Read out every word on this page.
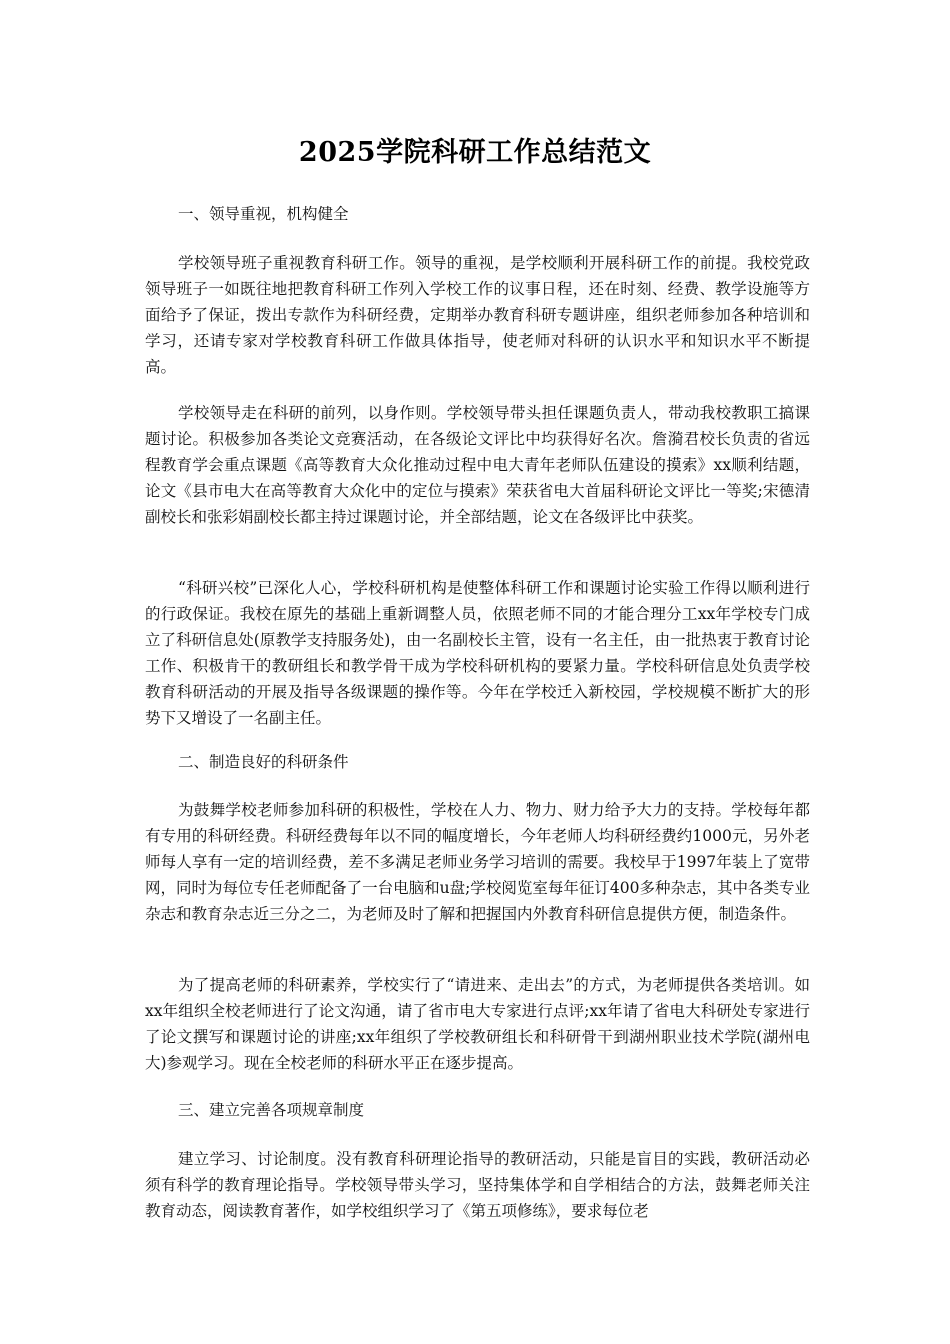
2025学院科研工作总结范文
一、领导重视，机构健全
学校领导班子重视教育科研工作。领导的重视，是学校顺利开展科研工作的前提。我校党政领导班子一如既往地把教育科研工作列入学校工作的议事日程，还在时刻、经费、教学设施等方面给予了保证，拨出专款作为科研经费，定期举办教育科研专题讲座，组织老师参加各种培训和学习，还请专家对学校教育科研工作做具体指导，使老师对科研的认识水平和知识水平不断提高。
学校领导走在科研的前列，以身作则。学校领导带头担任课题负责人，带动我校教职工搞课题讨论。积极参加各类论文竞赛活动，在各级论文评比中均获得好名次。詹漪君校长负责的省远程教育学会重点课题《高等教育大众化推动过程中电大青年老师队伍建设的摸索》xx顺利结题，论文《县市电大在高等教育大众化中的定位与摸索》荣获省电大首届科研论文评比一等奖;宋德清副校长和张彩娟副校长都主持过课题讨论，并全部结题，论文在各级评比中获奖。
“科研兴校”已深化人心，学校科研机构是使整体科研工作和课题讨论实验工作得以顺利进行的行政保证。我校在原先的基础上重新调整人员，依照老师不同的才能合理分工xx年学校专门成立了科研信息处(原教学支持服务处)，由一名副校长主管，设有一名主任，由一批热衷于教育讨论工作、积极肯干的教研组长和教学骨干成为学校科研机构的要紧力量。学校科研信息处负责学校教育科研活动的开展及指导各级课题的操作等。今年在学校迁入新校园，学校规模不断扩大的形势下又增设了一名副主任。
二、制造良好的科研条件
为鼓舞学校老师参加科研的积极性，学校在人力、物力、财力给予大力的支持。学校每年都有专用的科研经费。科研经费每年以不同的幅度增长，今年老师人均科研经费约1000元，另外老师每人享有一定的培训经费，差不多满足老师业务学习培训的需要。我校早于1997年装上了宽带网，同时为每位专任老师配备了一台电脑和u盘;学校阅览室每年征订400多种杂志，其中各类专业杂志和教育杂志近三分之二，为老师及时了解和把握国内外教育科研信息提供方便，制造条件。
为了提高老师的科研素养，学校实行了“请进来、走出去”的方式，为老师提供各类培训。如xx年组织全校老师进行了论文沟通，请了省市电大专家进行点评;xx年请了省电大科研处专家进行了论文撰写和课题讨论的讲座;xx年组织了学校教研组长和科研骨干到湖州职业技术学院(湖州电大)参观学习。现在全校老师的科研水平正在逐步提高。
三、建立完善各项规章制度
建立学习、讨论制度。没有教育科研理论指导的教研活动，只能是盲目的实践，教研活动必须有科学的教育理论指导。学校领导带头学习，坚持集体学和自学相结合的方法，鼓舞老师关注教育动态，阅读教育著作，如学校组织学习了《第五项修练》，要求每位老
